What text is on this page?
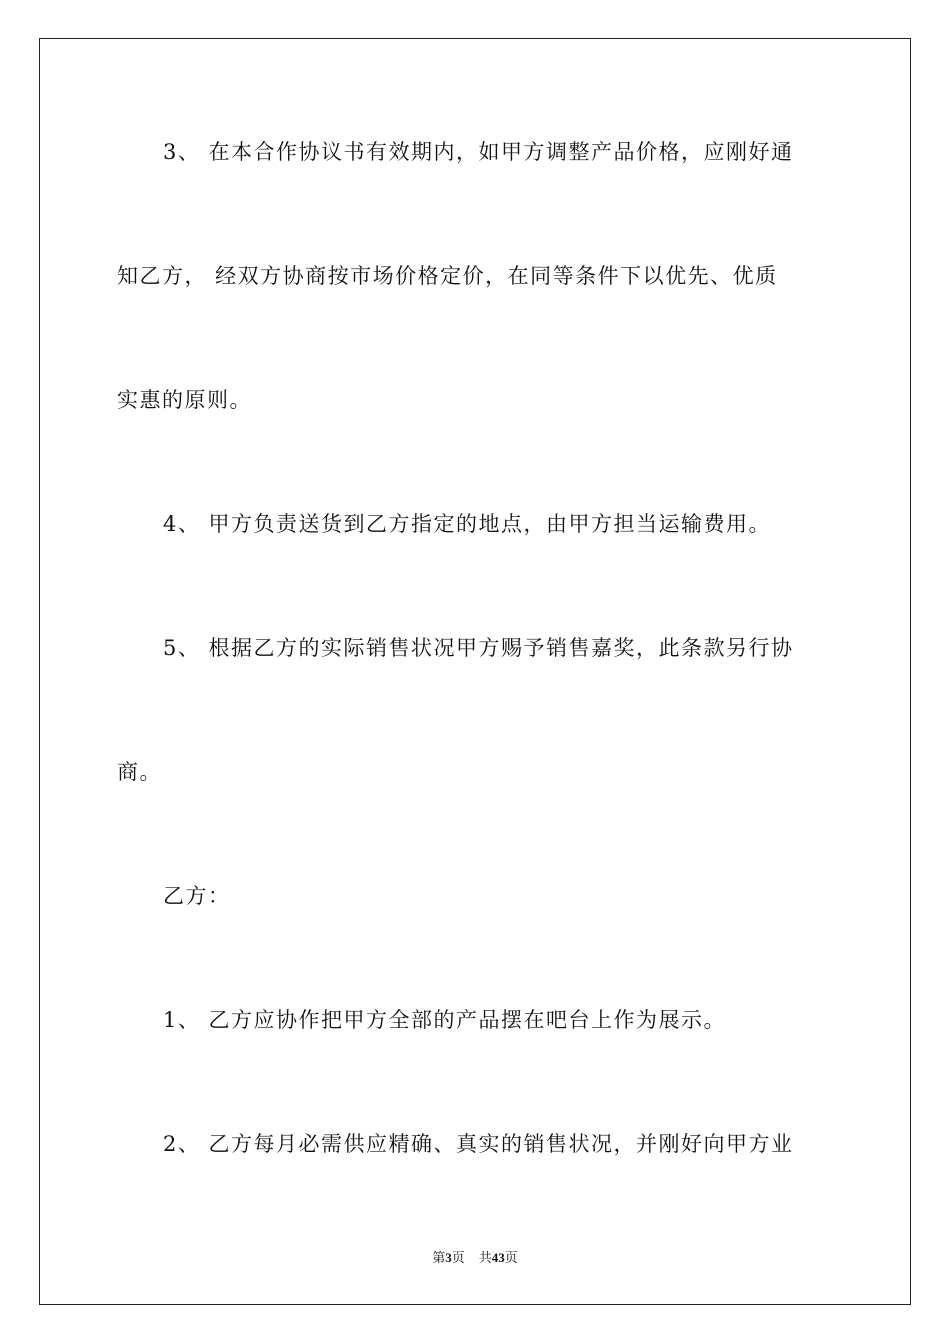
3、 在本合作协议书有效期内，如甲方调整产品价格，应刚好通
知乙方， 经双方协商按市场价格定价，在同等条件下以优先、优质
实惠的原则。
4、 甲方负责送货到乙方指定的地点，由甲方担当运输费用。
5、 根据乙方的实际销售状况甲方赐予销售嘉奖，此条款另行协
商。
乙方：
1、 乙方应协作把甲方全部的产品摆在吧台上作为展示。
2、 乙方每月必需供应精确、真实的销售状况，并刚好向甲方业
第3页 共43页
